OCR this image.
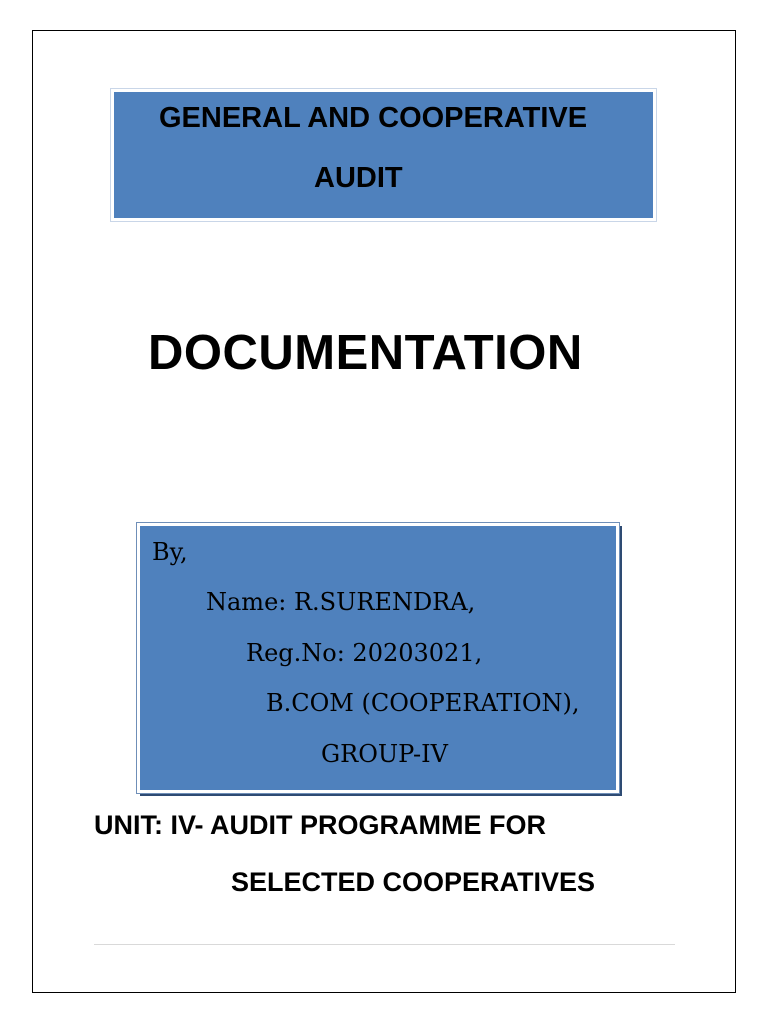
GENERAL AND COOPERATIVE
AUDIT
DOCUMENTATION
By,
Name: R.SURENDRA,
Reg.No: 20203021,
B.COM (COOPERATION),
GROUP-IV
UNIT: IV- AUDIT PROGRAMME FOR
SELECTED COOPERATIVES
